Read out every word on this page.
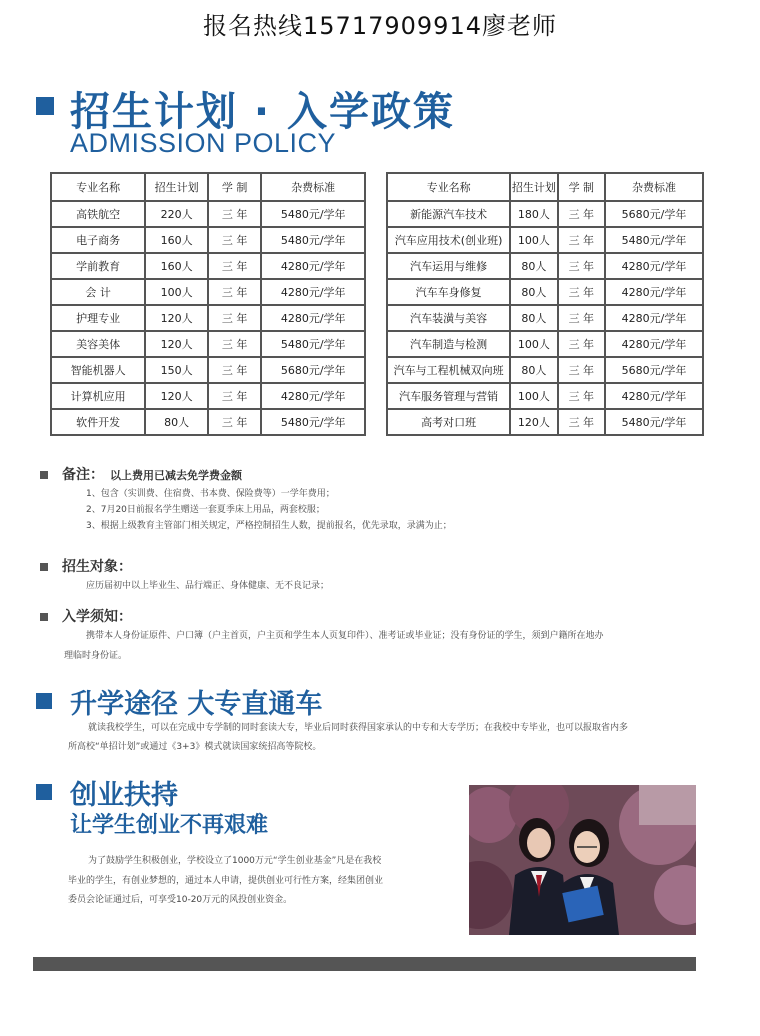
报名热线15717909914廖老师
招生计划 · 入学政策
ADMISSION POLICY
专业名称	招生计划	学 制	杂费标准
高铁航空	220人	三 年	5480元/学年
电子商务	160人	三 年	5480元/学年
学前教育	160人	三 年	4280元/学年
会 计	100人	三 年	4280元/学年
护理专业	120人	三 年	4280元/学年
美容美体	120人	三 年	5480元/学年
智能机器人	150人	三 年	5680元/学年
计算机应用	120人	三 年	4280元/学年
软件开发	80人	三 年	5480元/学年
专业名称	招生计划	学 制	杂费标准
新能源汽车技术	180人	三 年	5680元/学年
汽车应用技术(创业班)	100人	三 年	5480元/学年
汽车运用与维修	80人	三 年	4280元/学年
汽车车身修复	80人	三 年	4280元/学年
汽车装潢与美容	80人	三 年	4280元/学年
汽车制造与检测	100人	三 年	4280元/学年
汽车与工程机械双向班	80人	三 年	5680元/学年
汽车服务管理与营销	100人	三 年	4280元/学年
高考对口班	120人	三 年	5480元/学年
备注： 以上费用已减去免学费金额
1、包含（实训费、住宿费、书本费、保险费等）一学年费用；
2、7月20日前报名学生赠送一套夏季床上用品，两套校服；
3、根据上级教育主管部门相关规定，严格控制招生人数，提前报名，优先录取，录满为止；
招生对象：
应历届初中以上毕业生、品行端正、身体健康、无不良记录；
入学须知：
携带本人身份证原件、户口簿（户主首页，户主页和学生本人页复印件）、准考证或毕业证；没有身份证的学生，须到户籍所在地办
理临时身份证。
升学途径 大专直通车
就读我校学生，可以在完成中专学制的同时套读大专，毕业后同时获得国家承认的中专和大专学历；在我校中专毕业，也可以报取省内多
所高校“单招计划”或通过《3+3》模式就读国家统招高等院校。
创业扶持
让学生创业不再艰难
为了鼓励学生积极创业，学校设立了1000万元“学生创业基金”凡是在我校
毕业的学生，有创业梦想的，通过本人申请，提供创业可行性方案，经集团创业
委员会论证通过后，可享受10-20万元的风投创业资金。
